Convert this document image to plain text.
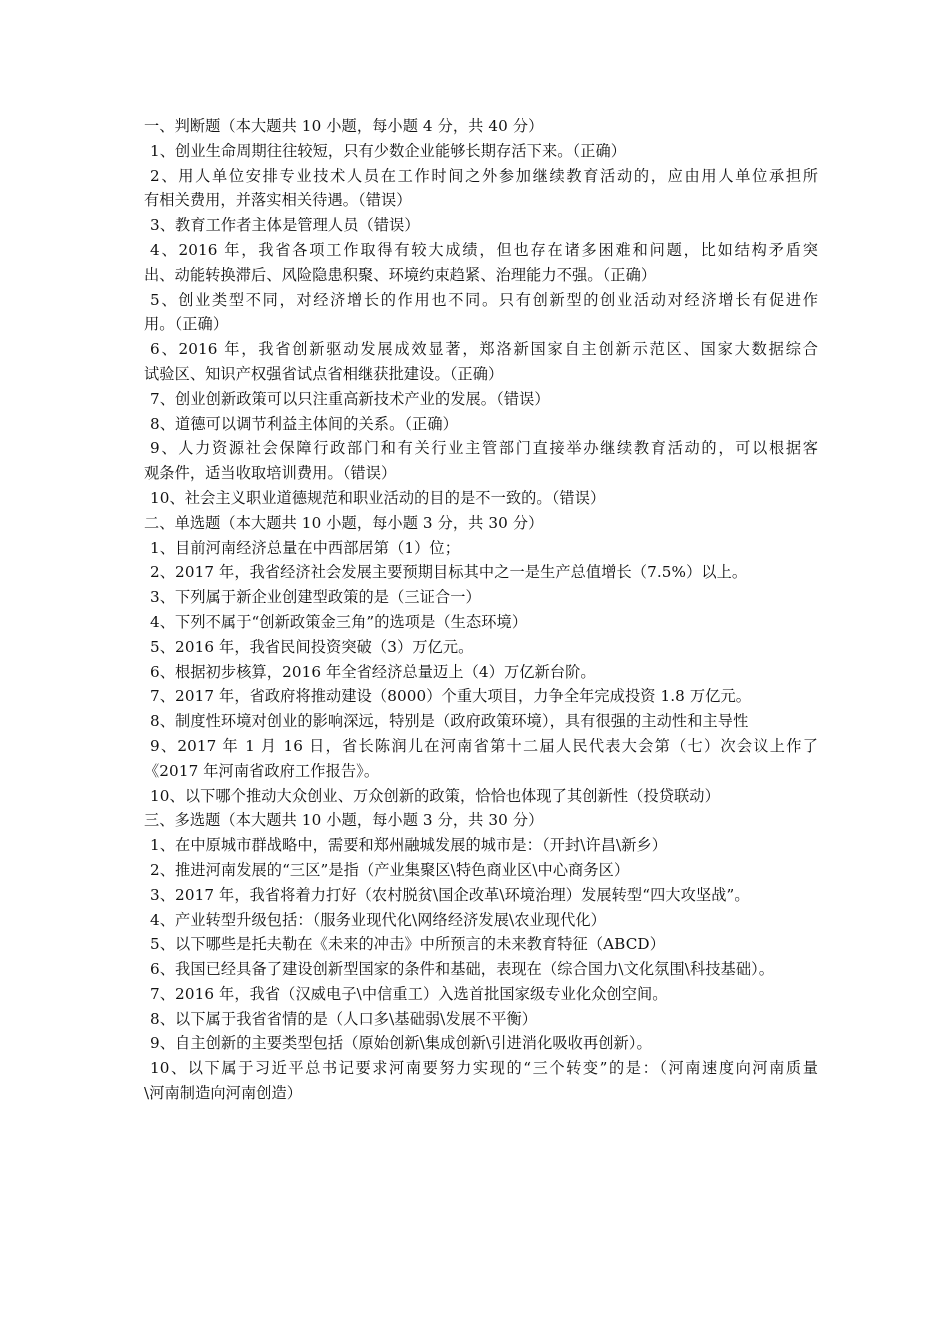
一、判断题（本大题共 10 小题，每小题 4 分，共 40 分）
1、创业生命周期往往较短，只有少数企业能够长期存活下来。（正确）
2、用人单位安排专业技术人员在工作时间之外参加继续教育活动的，应由用人单位承担所
有相关费用，并落实相关待遇。（错误）
3、教育工作者主体是管理人员（错误）
4、2016 年，我省各项工作取得有较大成绩，但也存在诸多困难和问题，比如结构矛盾突
出、动能转换滞后、风险隐患积聚、环境约束趋紧、治理能力不强。（正确）
5、创业类型不同，对经济增长的作用也不同。只有创新型的创业活动对经济增长有促进作
用。（正确）
6、2016 年，我省创新驱动发展成效显著，郑洛新国家自主创新示范区、国家大数据综合
试验区、知识产权强省试点省相继获批建设。（正确）
7、创业创新政策可以只注重高新技术产业的发展。（错误）
8、道德可以调节利益主体间的关系。（正确）
9、人力资源社会保障行政部门和有关行业主管部门直接举办继续教育活动的，可以根据客
观条件，适当收取培训费用。（错误）
10、社会主义职业道德规范和职业活动的目的是不一致的。（错误）
二、单选题（本大题共 10 小题，每小题 3 分，共 30 分）
1、目前河南经济总量在中西部居第（1）位；
2、2017 年，我省经济社会发展主要预期目标其中之一是生产总值增长（7.5%）以上。
3、下列属于新企业创建型政策的是（三证合一）
4、下列不属于“创新政策金三角”的选项是（生态环境）
5、2016 年，我省民间投资突破（3）万亿元。
6、根据初步核算，2016 年全省经济总量迈上（4）万亿新台阶。
7、2017 年，省政府将推动建设（8000）个重大项目，力争全年完成投资 1.8 万亿元。
8、制度性环境对创业的影响深远，特别是（政府政策环境），具有很强的主动性和主导性
9、2017 年 1 月 16 日，省长陈润儿在河南省第十二届人民代表大会第（七）次会议上作了
《2017 年河南省政府工作报告》。
10、以下哪个推动大众创业、万众创新的政策，恰恰也体现了其创新性（投贷联动）
三、多选题（本大题共 10 小题，每小题 3 分，共 30 分）
1、在中原城市群战略中，需要和郑州融城发展的城市是：（开封\许昌\新乡）
2、推进河南发展的“三区”是指（产业集聚区\特色商业区\中心商务区）
3、2017 年，我省将着力打好（农村脱贫\国企改革\环境治理）发展转型“四大攻坚战”。
4、产业转型升级包括：（服务业现代化\网络经济发展\农业现代化）
5、以下哪些是托夫勒在《未来的冲击》中所预言的未来教育特征（ABCD）
6、我国已经具备了建设创新型国家的条件和基础，表现在（综合国力\文化氛围\科技基础）。
7、2016 年，我省（汉威电子\中信重工）入选首批国家级专业化众创空间。
8、以下属于我省省情的是（人口多\基础弱\发展不平衡）
9、自主创新的主要类型包括（原始创新\集成创新\引进消化吸收再创新）。
10、以下属于习近平总书记要求河南要努力实现的“三个转变”的是：（河南速度向河南质量
\河南制造向河南创造）
